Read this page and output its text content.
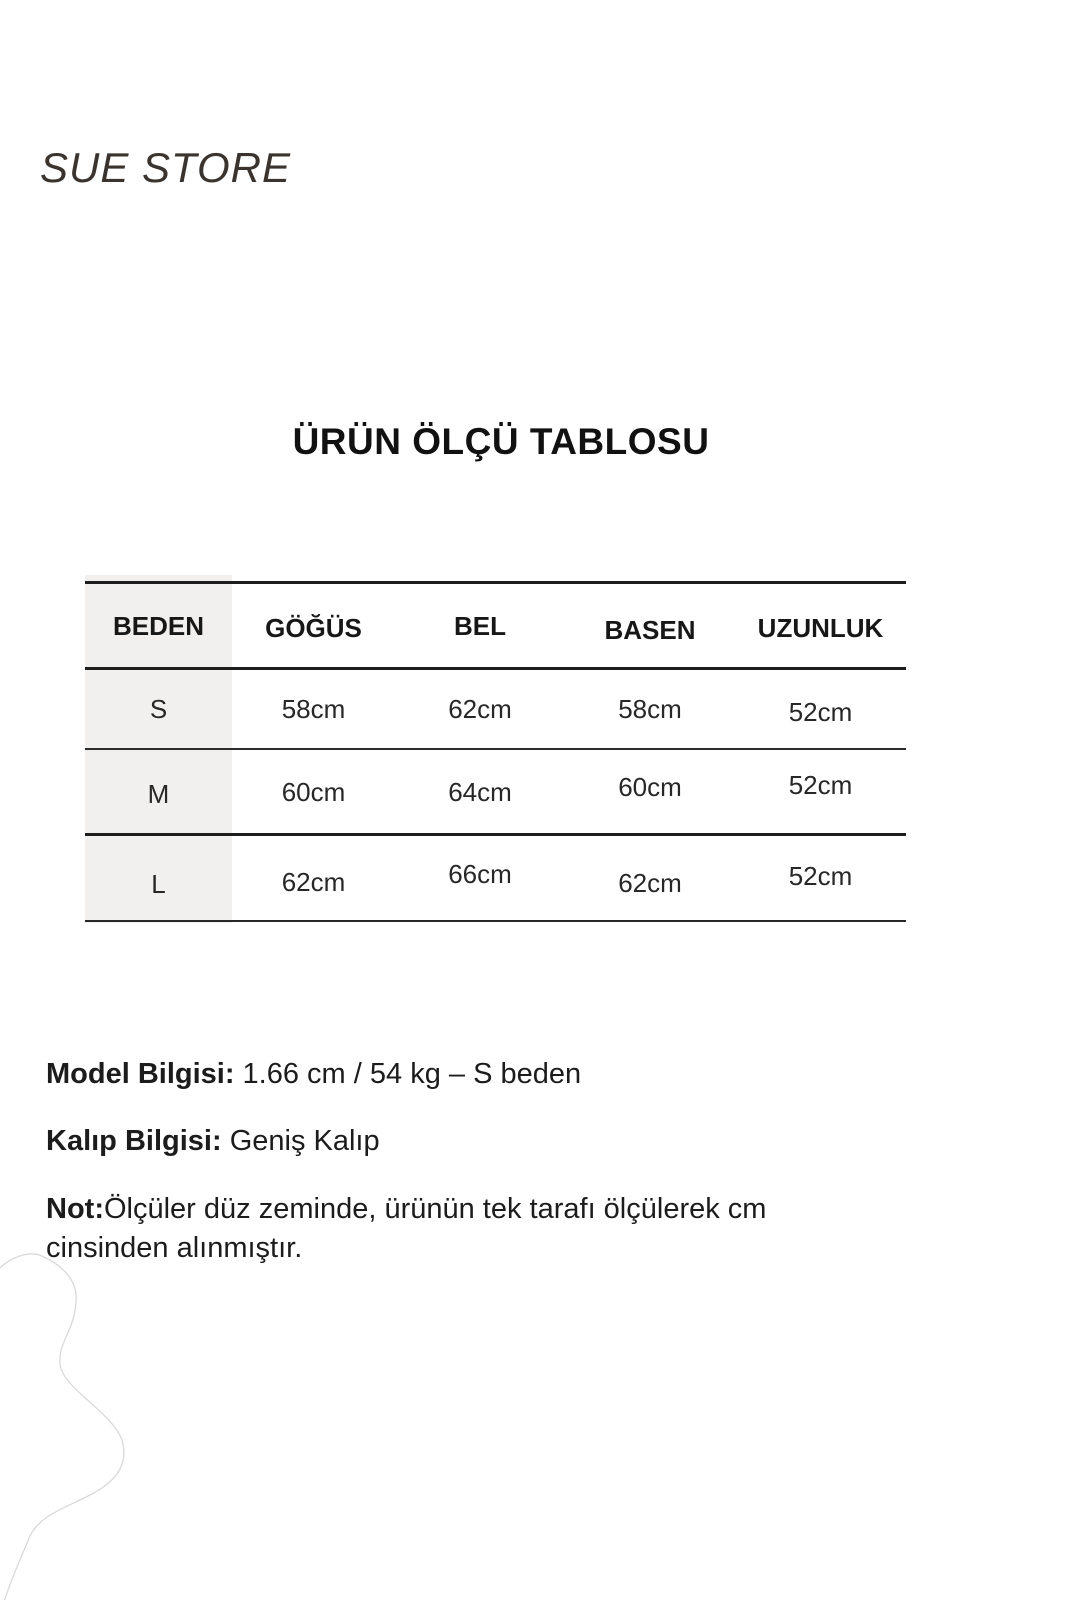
SUE STORE
ÜRÜN ÖLÇÜ TABLOSU
BEDEN	GÖĞÜS	BEL	BASEN	UZUNLUK
S	58cm	62cm	58cm	52cm
M	60cm	64cm	60cm	52cm
L	62cm	66cm	62cm	52cm
Model Bilgisi: 1.66 cm / 54 kg – S beden
Kalıp Bilgisi: Geniş Kalıp
Not:Ölçüler düz zeminde, ürünün tek tarafı ölçülerek cm cinsinden alınmıştır.
